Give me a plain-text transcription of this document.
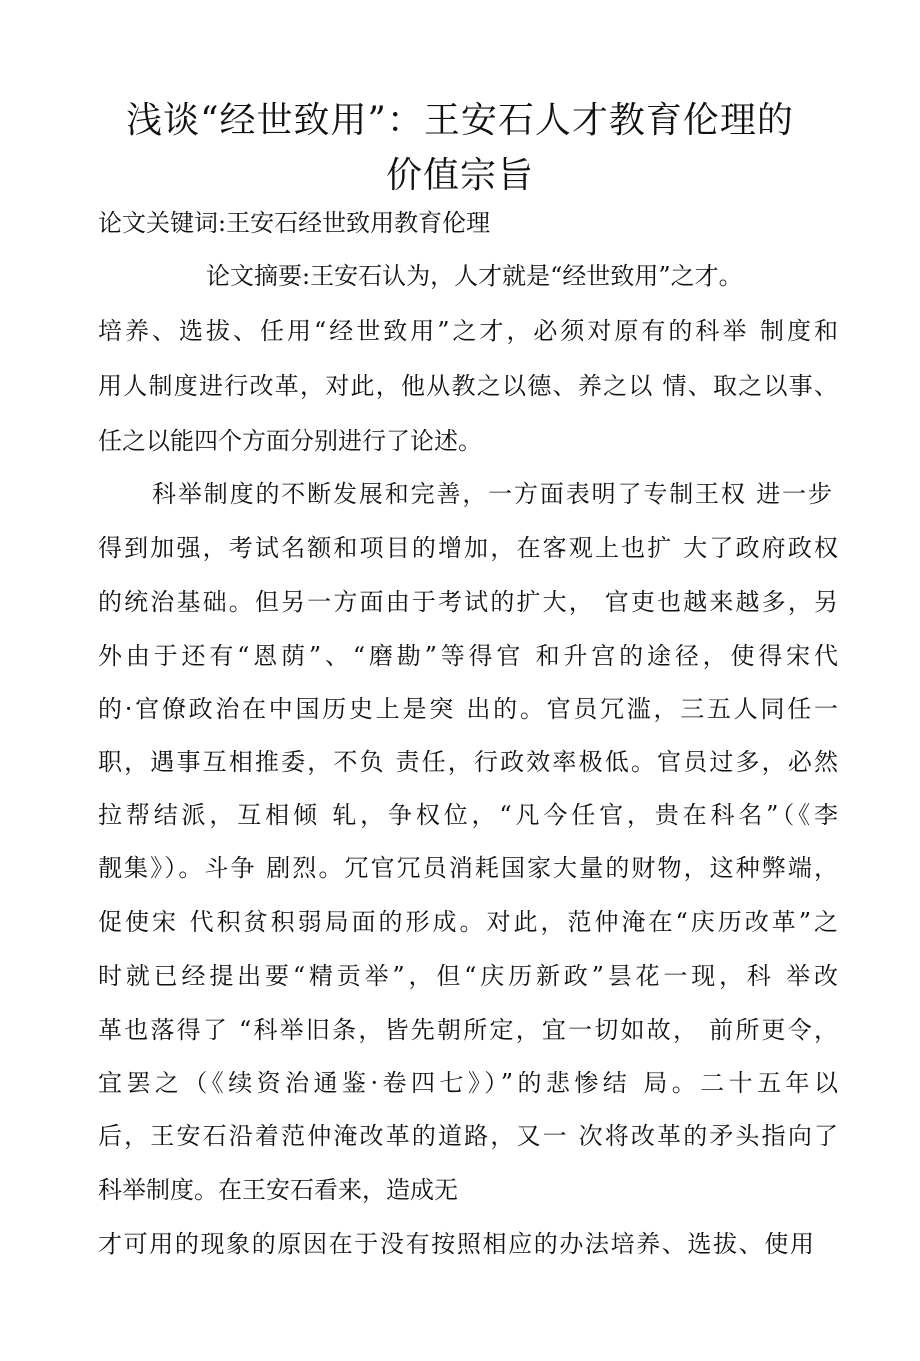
浅谈“经世致用”：王安石人才教育伦理的
价值宗旨
论文关键词:王安石经世致用教育伦理
论文摘要:王安石认为，人才就是“经世致用”之才。
培养、选拔、任用“经世致用”之才，必须对原有的科举 制度和
用人制度进行改革，对此，他从教之以德、养之以 情、取之以事、
任之以能四个方面分别进行了论述。
科举制度的不断发展和完善，一方面表明了专制王权 进一步
得到加强，考试名额和项目的增加，在客观上也扩 大了政府政权
的统治基础。但另一方面由于考试的扩大， 官吏也越来越多，另
外由于还有“恩荫”、“磨勘”等得官 和升宫的途径，使得宋代
的·官僚政治在中国历史上是突 出的。官员冗滥，三五人同任一
职，遇事互相推委，不负 责任，行政效率极低。官员过多，必然
拉帮结派，互相倾 轧，争权位，“凡今任官，贵在科名”（《李
靓集》）。斗争 剧烈。冗官冗员消耗国家大量的财物，这种弊端，
促使宋 代积贫积弱局面的形成。对此，范仲淹在“庆历改革”之
时就已经提出要“精贡举”，但“庆历新政”昙花一现，科 举改
革也落得了 “科举旧条，皆先朝所定，宜一切如故， 前所更令，
宜罢之（《续资治通鉴·卷四七》）”的悲惨结 局。二十五年以
后，王安石沿着范仲淹改革的道路，又一 次将改革的矛头指向了
科举制度。在王安石看来，造成无
才可用的现象的原因在于没有按照相应的办法培养、选拔、使用
